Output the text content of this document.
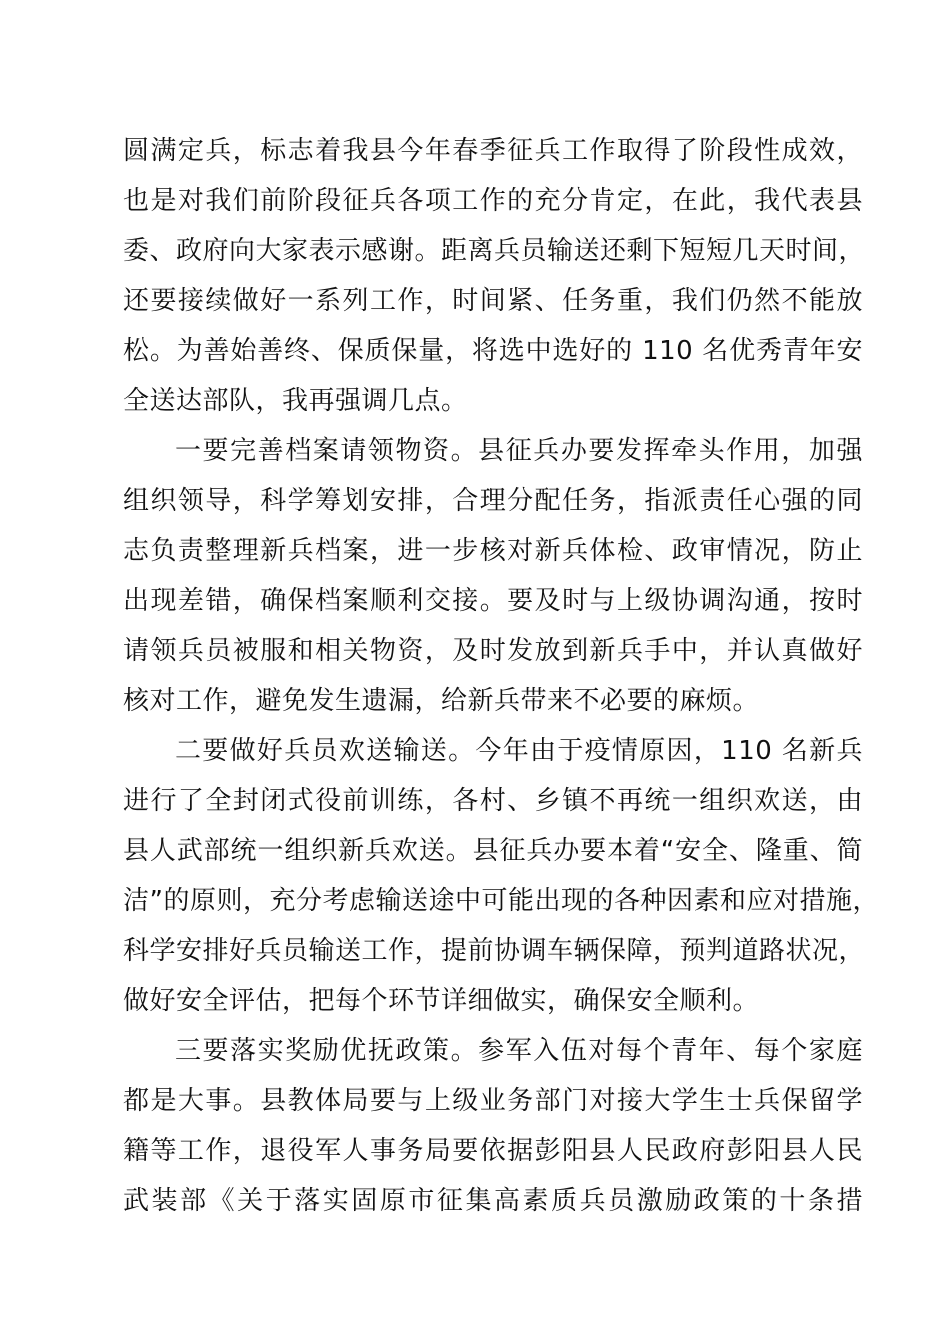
圆满定兵，标志着我县今年春季征兵工作取得了阶段性成效，
也是对我们前阶段征兵各项工作的充分肯定，在此，我代表县
委、政府向大家表示感谢。距离兵员输送还剩下短短几天时间，
还要接续做好一系列工作，时间紧、任务重，我们仍然不能放
松。为善始善终、保质保量，将选中选好的 110 名优秀青年安
全送达部队，我再强调几点。
一要完善档案请领物资。县征兵办要发挥牵头作用，加强
组织领导，科学筹划安排，合理分配任务，指派责任心强的同
志负责整理新兵档案，进一步核对新兵体检、政审情况，防止
出现差错，确保档案顺利交接。要及时与上级协调沟通，按时
请领兵员被服和相关物资，及时发放到新兵手中，并认真做好
核对工作，避免发生遗漏，给新兵带来不必要的麻烦。
二要做好兵员欢送输送。今年由于疫情原因，110 名新兵
进行了全封闭式役前训练，各村、乡镇不再统一组织欢送，由
县人武部统一组织新兵欢送。县征兵办要本着“安全、隆重、简
洁”的原则，充分考虑输送途中可能出现的各种因素和应对措施，
科学安排好兵员输送工作，提前协调车辆保障，预判道路状况，
做好安全评估，把每个环节详细做实，确保安全顺利。
三要落实奖励优抚政策。参军入伍对每个青年、每个家庭
都是大事。县教体局要与上级业务部门对接大学生士兵保留学
籍等工作，退役军人事务局要依据彭阳县人民政府彭阳县人民
武装部《关于落实固原市征集高素质兵员激励政策的十条措
